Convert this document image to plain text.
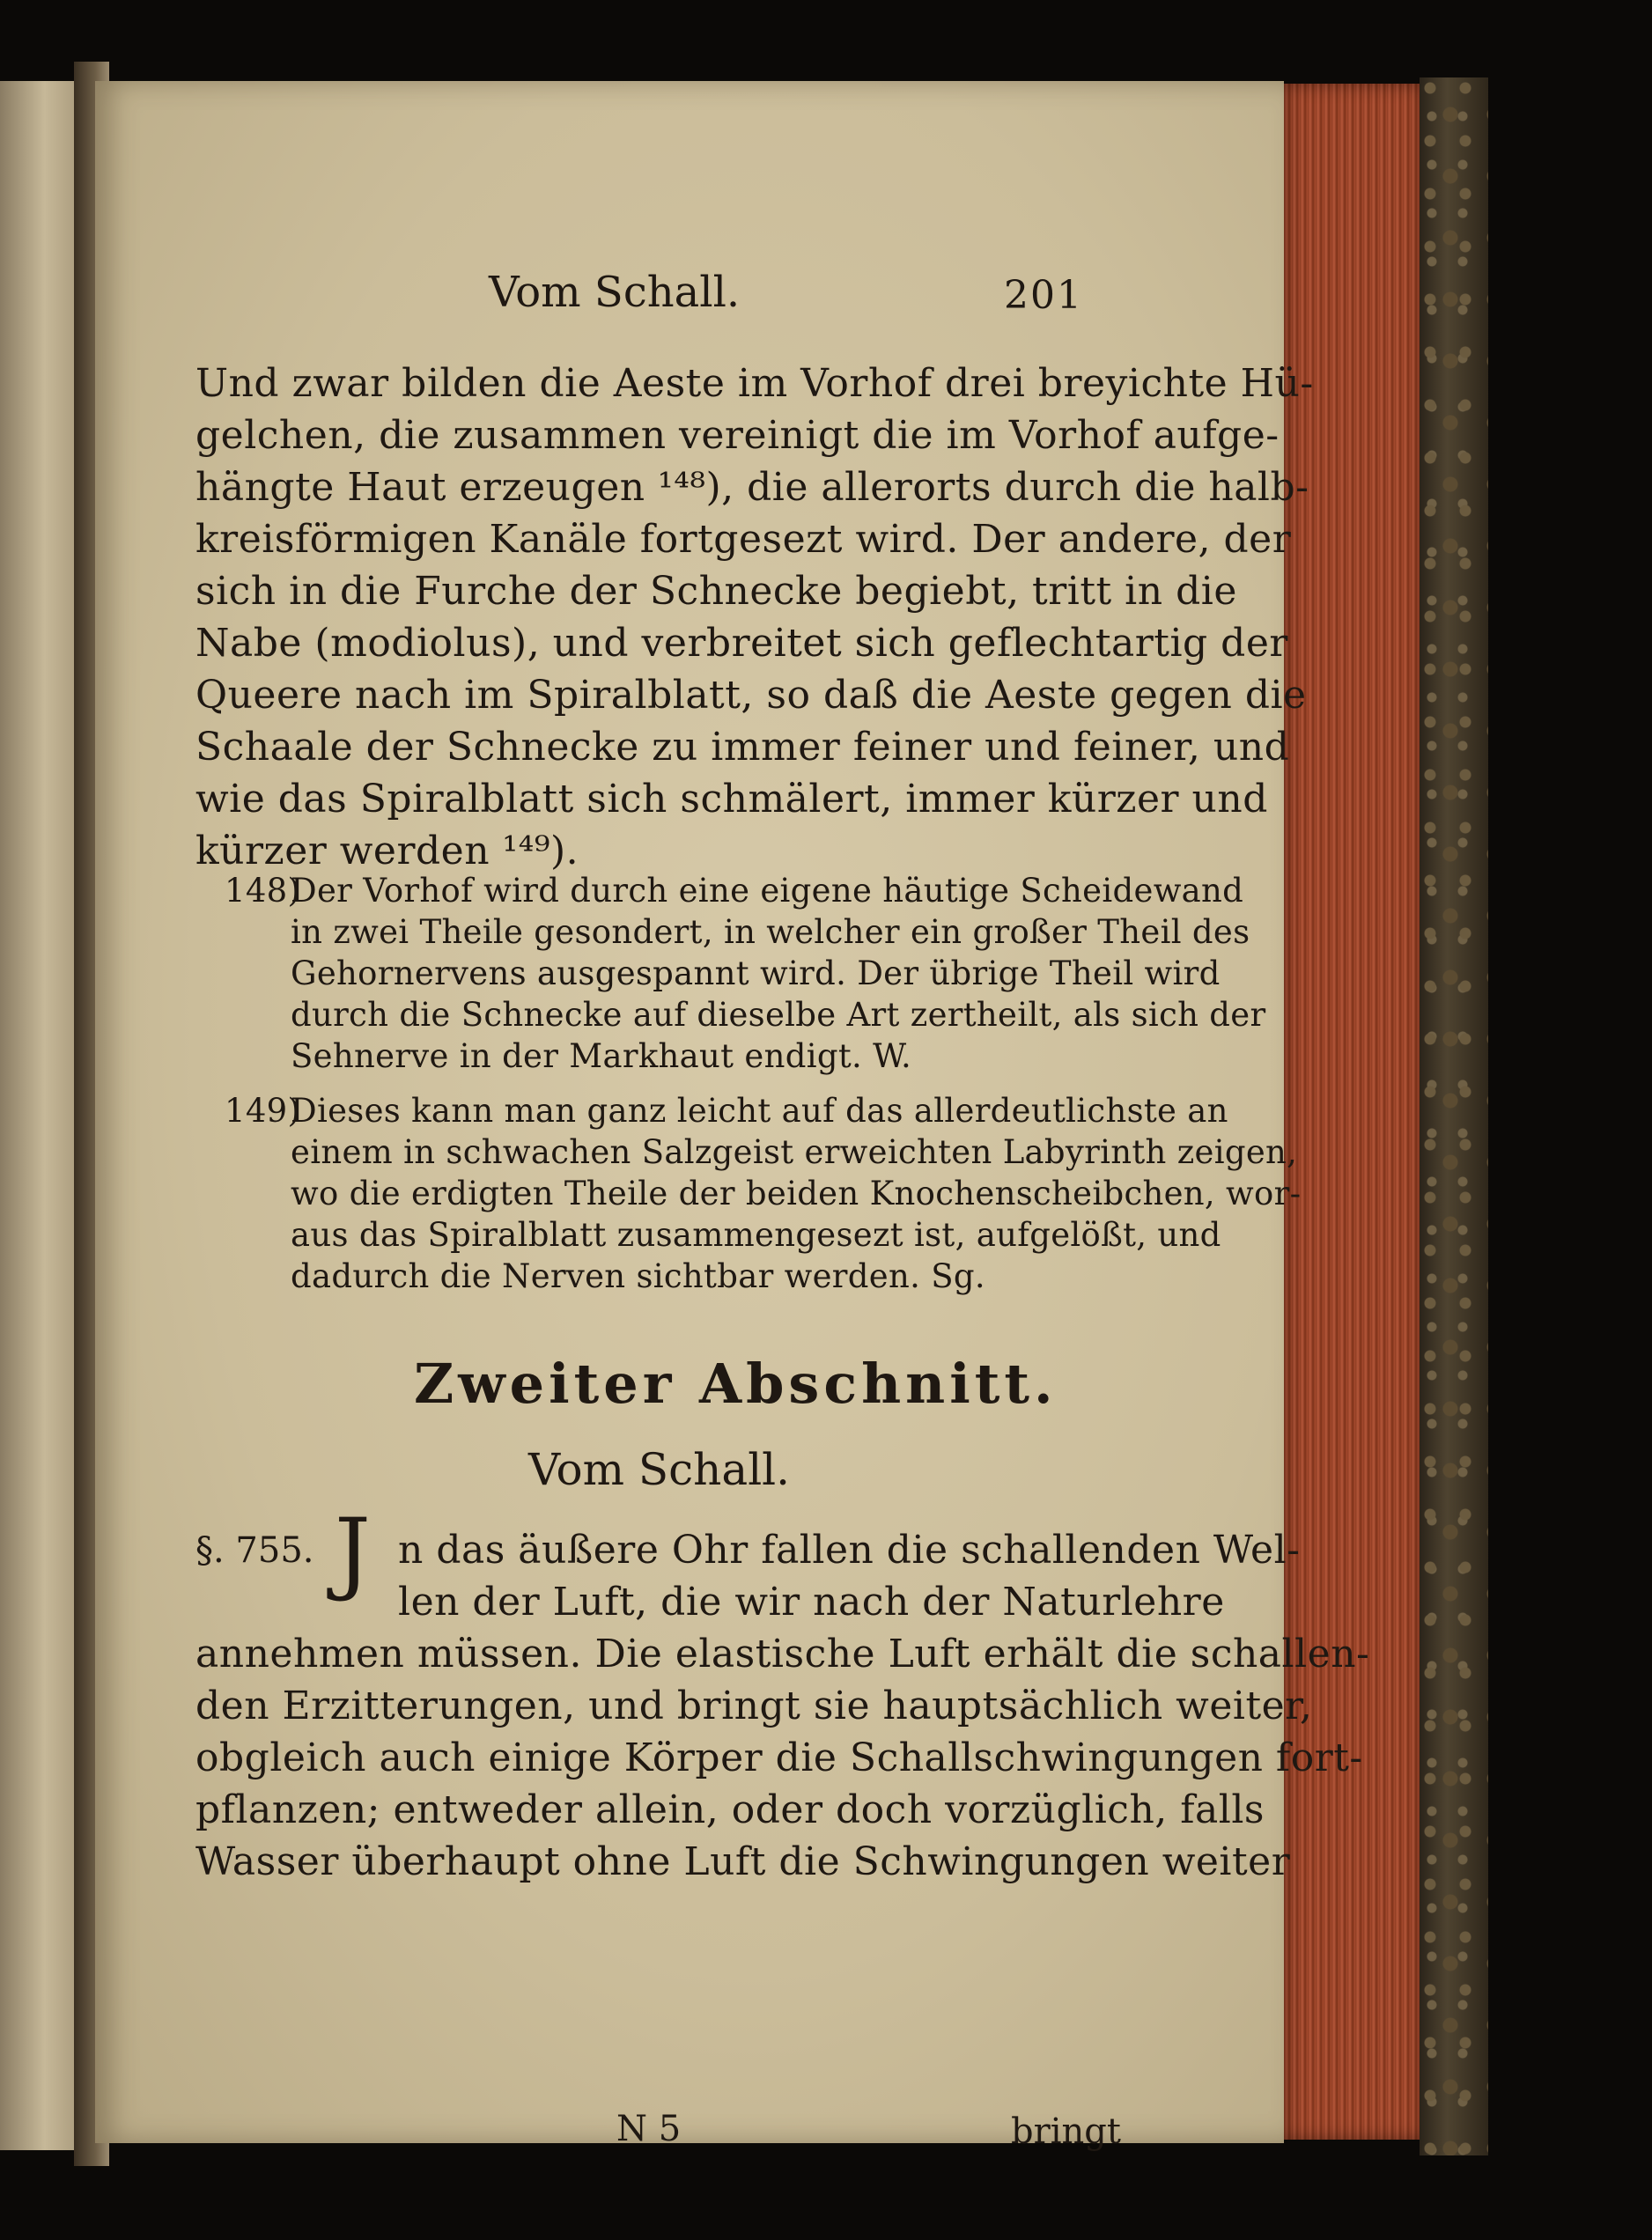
Vom Schall.	201
Und zwar bilden die Aeste im Vorhof drei breyichte Hü-
gelchen, die zusammen vereinigt die im Vorhof aufge-
hängte Haut erzeugen ¹⁴⁸), die allerorts durch die halb-
kreisförmigen Kanäle fortgesezt wird. Der andere, der
sich in die Furche der Schnecke begiebt, tritt in die
Nabe (modiolus), und verbreitet sich geflechtartig der
Queere nach im Spiralblatt, so daß die Aeste gegen die
Schaale der Schnecke zu immer feiner und feiner, und
wie das Spiralblatt sich schmälert, immer kürzer und
kürzer werden ¹⁴⁹).
148)
Der Vorhof wird durch eine eigene häutige Scheidewand
in zwei Theile gesondert, in welcher ein großer Theil des
Gehornervens ausgespannt wird. Der übrige Theil wird
durch die Schnecke auf dieselbe Art zertheilt, als sich der
Sehnerve in der Markhaut endigt. W.
149)
Dieses kann man ganz leicht auf das allerdeutlichste an
einem in schwachen Salzgeist erweichten Labyrinth zeigen,
wo die erdigten Theile der beiden Knochenscheibchen, wor-
aus das Spiralblatt zusammengesezt ist, aufgelößt, und
dadurch die Nerven sichtbar werden. Sg.
Zweiter Abschnitt.
Vom Schall.
§. 755. J n das äußere Ohr fallen die schallenden Wel-
len der Luft, die wir nach der Naturlehre
annehmen müssen. Die elastische Luft erhält die schallen-
den Erzitterungen, und bringt sie hauptsächlich weiter,
obgleich auch einige Körper die Schallschwingungen fort-
pflanzen; entweder allein, oder doch vorzüglich, falls
Wasser überhaupt ohne Luft die Schwingungen weiter
N 5	bringt
